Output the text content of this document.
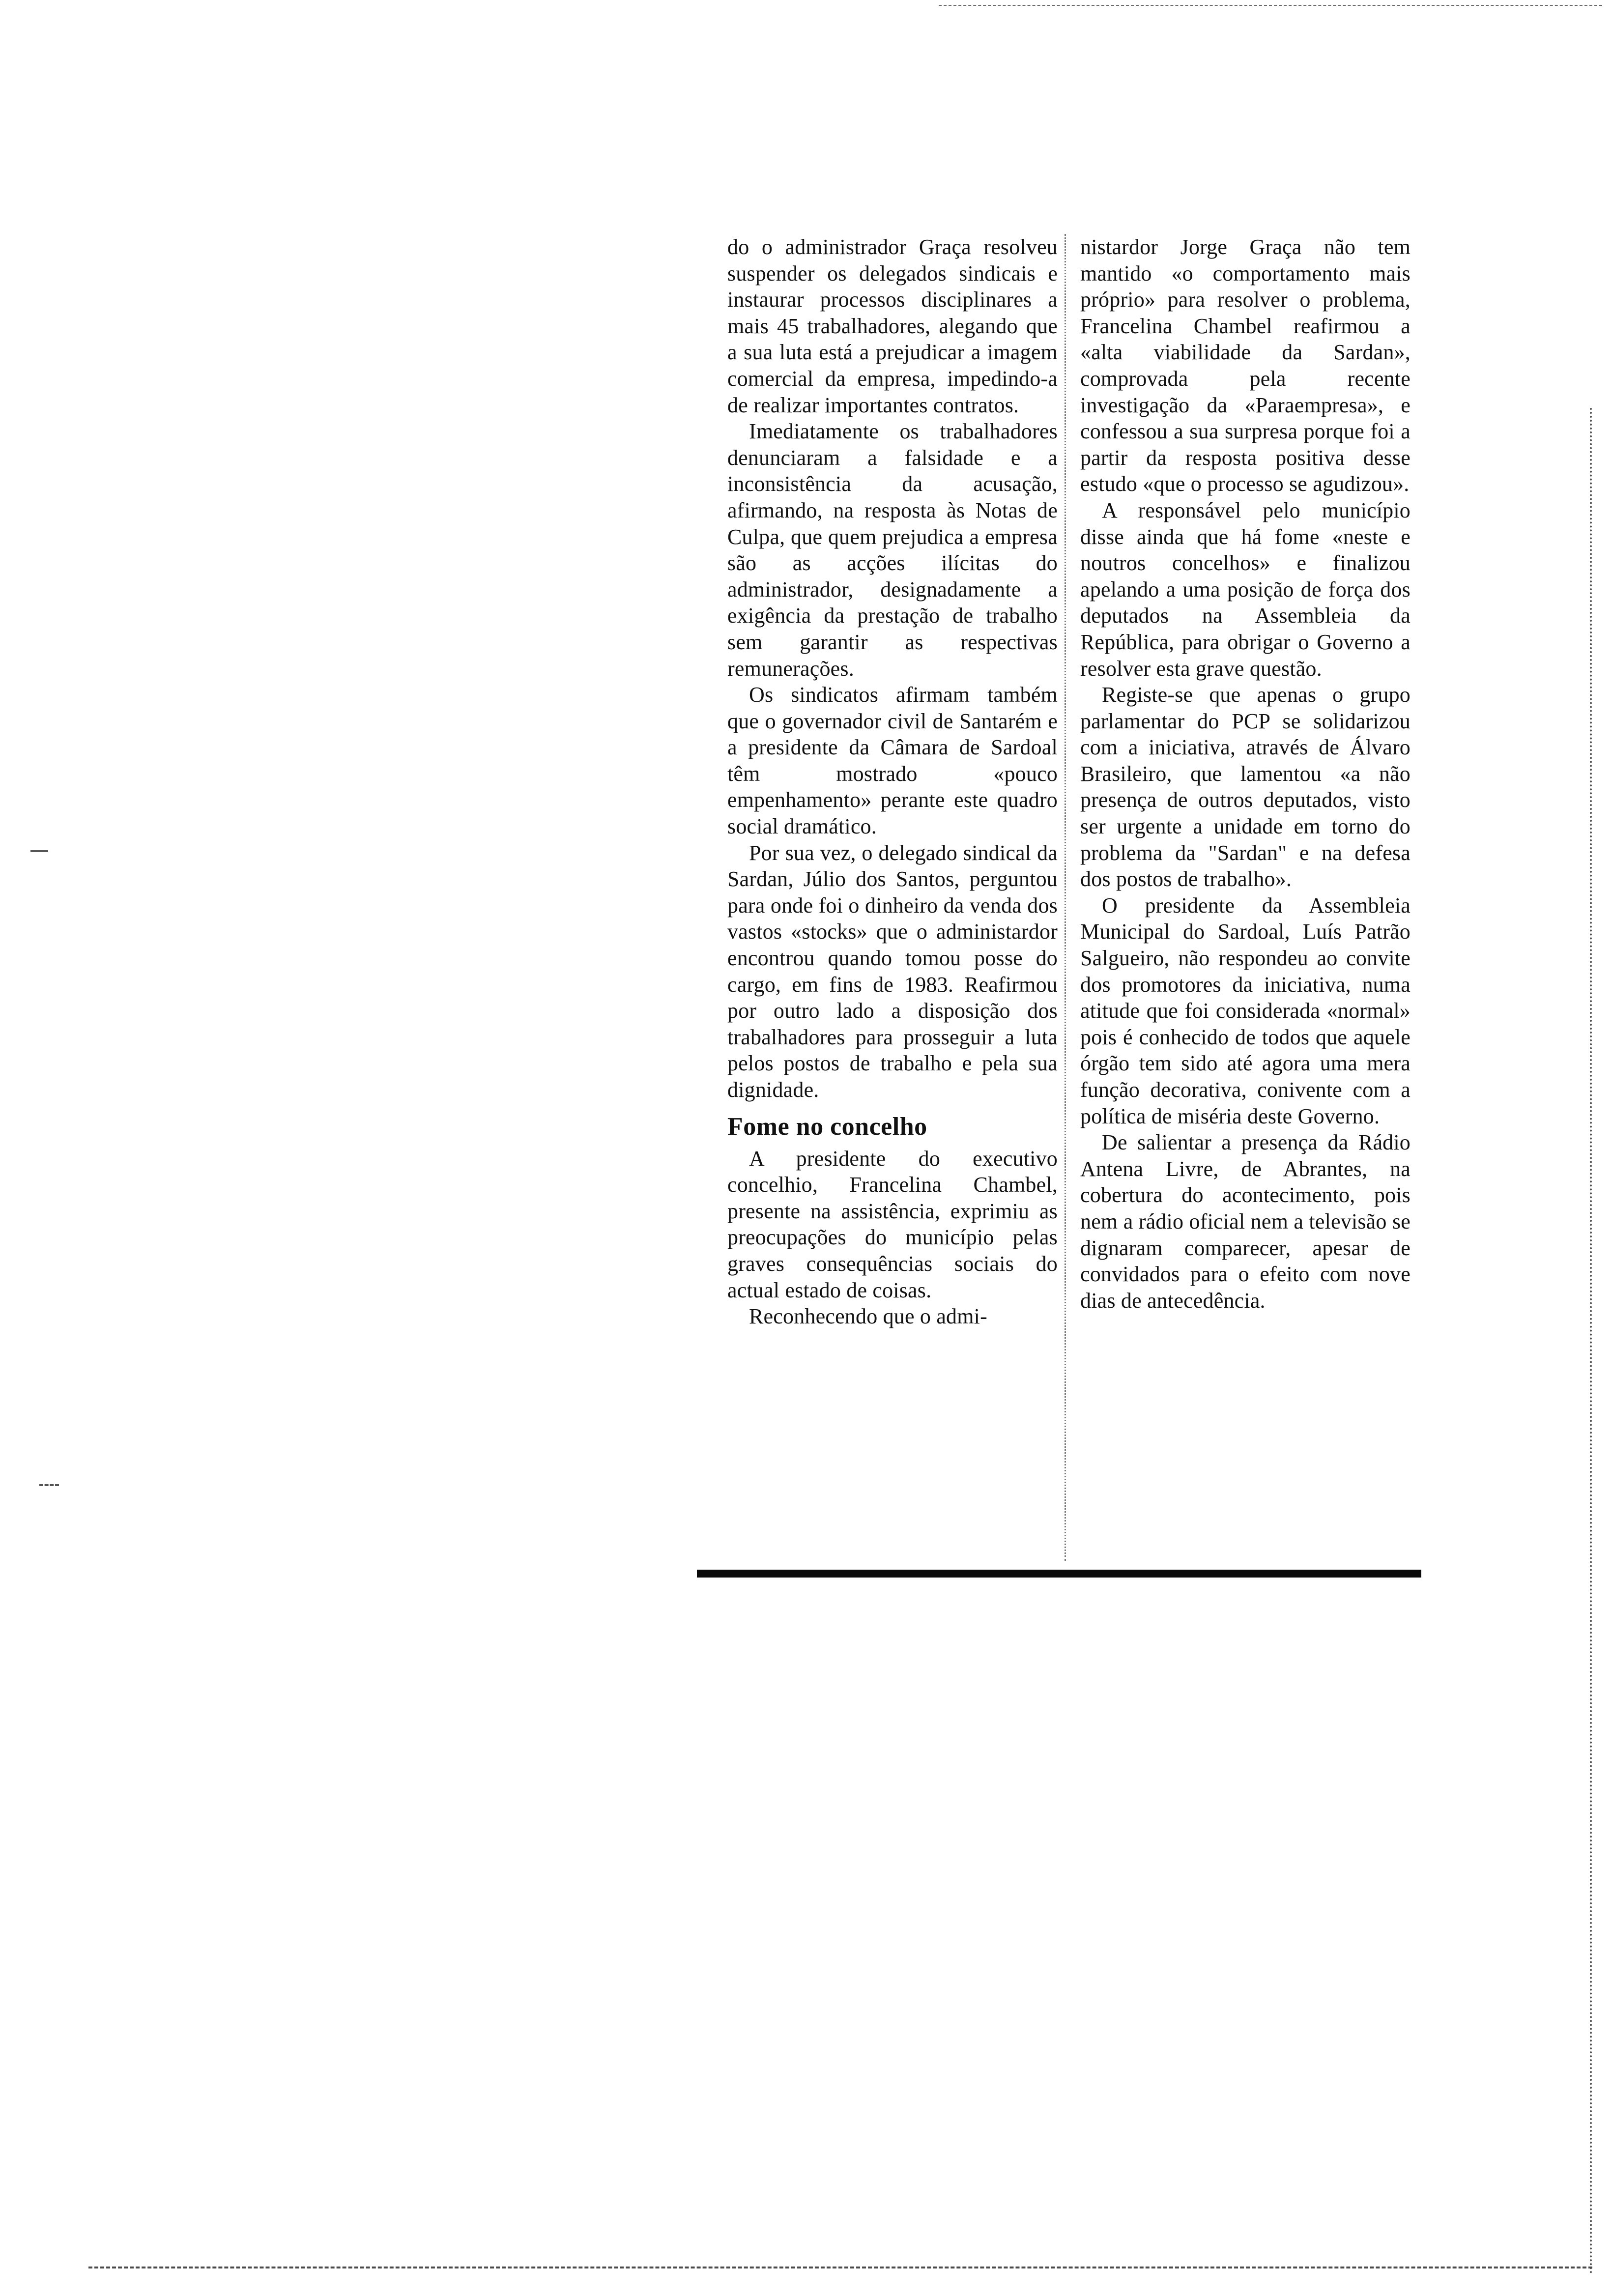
do o administrador Graça resolveu suspender os delegados sindicais e instaurar processos disciplinares a mais 45 trabalhadores, alegando que a sua luta está a prejudicar a imagem comercial da empresa, impedindo-a de realizar importantes contratos.

Imediatamente os trabalhadores denunciaram a falsidade e a inconsistência da acusação, afirmando, na resposta às Notas de Culpa, que quem prejudica a empresa são as acções ilícitas do administrador, designadamente a exigência da prestação de trabalho sem garantir as respectivas remunerações.

Os sindicatos afirmam também que o governador civil de Santarém e a presidente da Câmara de Sardoal têm mostrado «pouco empenhamento» perante este quadro social dramático.

Por sua vez, o delegado sindical da Sardan, Júlio dos Santos, perguntou para onde foi o dinheiro da venda dos vastos «stocks» que o administardor encontrou quando tomou posse do cargo, em fins de 1983. Reafirmou por outro lado a disposição dos trabalhadores para prosseguir a luta pelos postos de trabalho e pela sua dignidade.

Fome no concelho

A presidente do executivo concelhio, Francelina Chambel, presente na assistência, exprimiu as preocupações do município pelas graves consequências sociais do actual estado de coisas.

Reconhecendo que o admi-

nistardor Jorge Graça não tem mantido «o comportamento mais próprio» para resolver o problema, Francelina Chambel reafirmou a «alta viabilidade da Sardan», comprovada pela recente investigação da «Paraempresa», e confessou a sua surpresa porque foi a partir da resposta positiva desse estudo «que o processo se agudizou».

A responsável pelo município disse ainda que há fome «neste e noutros concelhos» e finalizou apelando a uma posição de força dos deputados na Assembleia da República, para obrigar o Governo a resolver esta grave questão.

Registe-se que apenas o grupo parlamentar do PCP se solidarizou com a iniciativa, através de Álvaro Brasileiro, que lamentou «a não presença de outros deputados, visto ser urgente a unidade em torno do problema da "Sardan" e na defesa dos postos de trabalho».

O presidente da Assembleia Municipal do Sardoal, Luís Patrão Salgueiro, não respondeu ao convite dos promotores da iniciativa, numa atitude que foi considerada «normal» pois é conhecido de todos que aquele órgão tem sido até agora uma mera função decorativa, conivente com a política de miséria deste Governo.

De salientar a presença da Rádio Antena Livre, de Abrantes, na cobertura do acontecimento, pois nem a rádio oficial nem a televisão se dignaram comparecer, apesar de convidados para o efeito com nove dias de antecedência.
